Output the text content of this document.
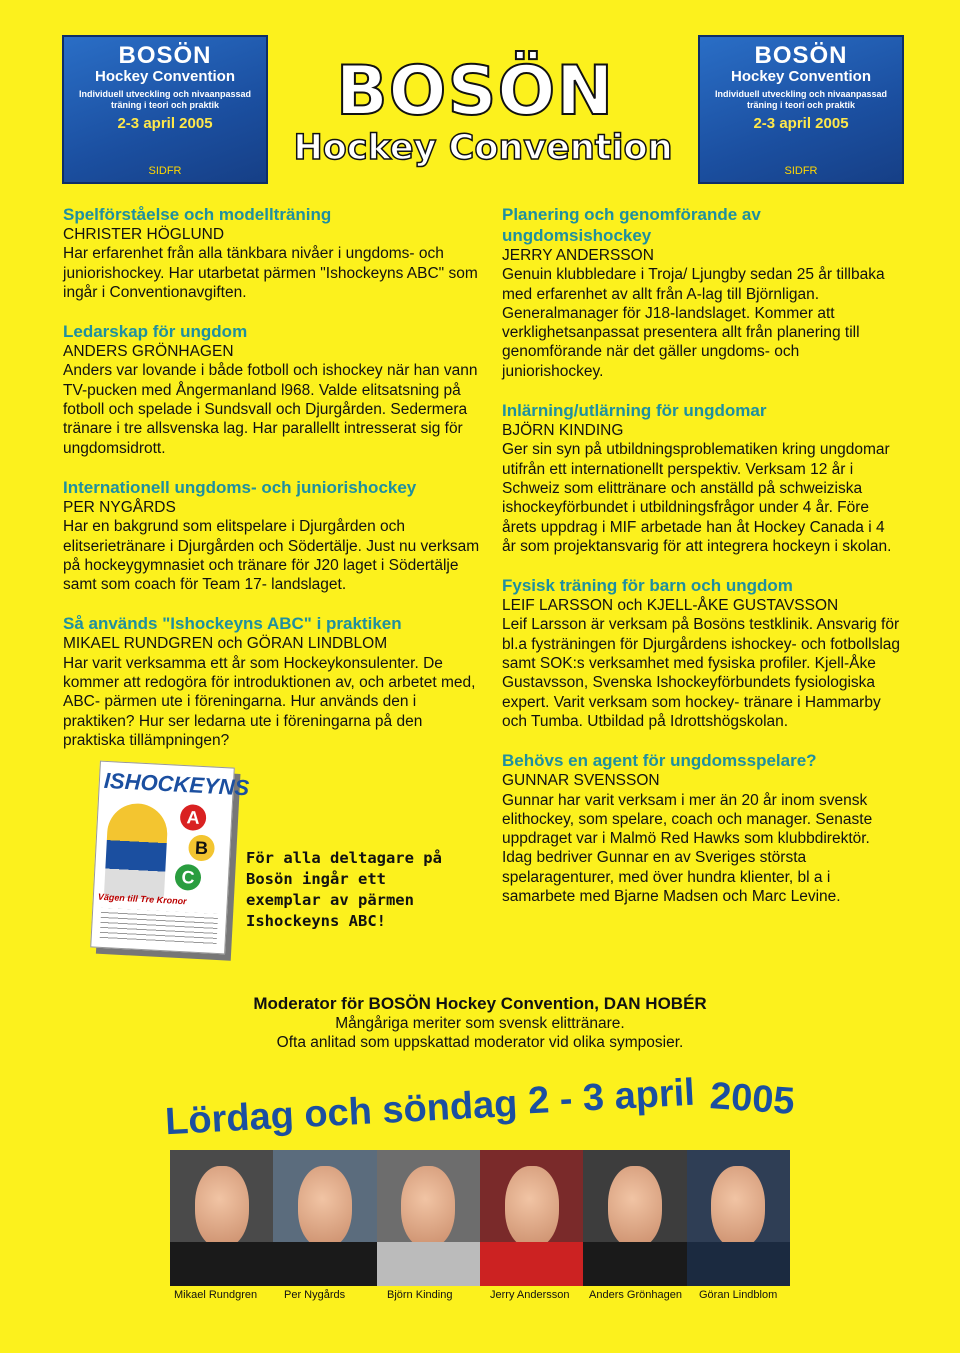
BOSÖN
Hockey Convention
Individuell utveckling och nivaanpassad träning i teori och praktik
2-3 april 2005
SIDFR
BOSÖN
Hockey Convention
Individuell utveckling och nivaanpassad träning i teori och praktik
2-3 april 2005
SIDFR
BOSÖN
Hockey Convention
Spelförståelse och modellträning
CHRISTER HÖGLUND
Har erfarenhet från alla tänkbara nivåer i ungdoms- och juniorishockey. Har utarbetat pärmen "Ishockeyns ABC" som ingår i Conventionavgiften.
Ledarskap för ungdom
ANDERS GRÖNHAGEN
Anders var lovande i både fotboll och ishockey när han vann TV-pucken med Ångermanland l968. Valde elitsatsning på fotboll och spelade i Sundsvall och Djurgården. Sedermera tränare i tre allsvenska lag. Har parallellt intresserat sig för ungdomsidrott.
Internationell ungdoms- och juniorishockey
PER NYGÅRDS
Har en bakgrund som elitspelare i Djurgården och elitserietränare i Djurgården och Södertälje. Just nu verksam på hockeygymnasiet och tränare för J20 laget i Södertälje samt som coach för Team 17- landslaget.
Så används "Ishockeyns ABC" i praktiken
MIKAEL RUNDGREN och GÖRAN LINDBLOM
Har varit verksamma ett år som Hockeykonsulenter. De kommer att redogöra för introduktionen av, och arbetet med, ABC- pärmen ute i föreningarna. Hur används den i praktiken? Hur ser ledarna ute i föreningarna på den praktiska tillämpningen?
Planering och genomförande av ungdomsishockey
JERRY ANDERSSON
Genuin klubbledare i Troja/ Ljungby sedan 25 år tillbaka med erfarenhet av allt från A-lag till Björnligan. Generalmanager för J18-landslaget. Kommer att verklighetsanpassat presentera allt från planering till genomförande när det gäller ungdoms- och juniorishockey.
Inlärning/utlärning för ungdomar
BJÖRN KINDING
Ger sin syn på utbildningsproblematiken kring ungdomar utifrån ett internationellt perspektiv. Verksam 12 år i Schweiz som elittränare och anställd på schweiziska ishockeyförbundet i utbildningsfrågor under 4 år. Före årets uppdrag i MIF arbetade han åt Hockey Canada i 4 år som projektansvarig för att integrera hockeyn i skolan.
Fysisk träning för barn och ungdom
LEIF LARSSON och KJELL-ÅKE GUSTAVSSON
Leif Larsson är verksam på Bosöns testklinik. Ansvarig för bl.a fysträningen för Djurgårdens ishockey- och fotbollslag samt SOK:s verksamhet med fysiska profiler. Kjell-Åke Gustavsson, Svenska Ishockeyförbundets fysiologiska expert. Varit verksam som hockey- tränare i Hammarby och Tumba. Utbildad på Idrottshögskolan.
Behövs en agent för ungdomsspelare?
GUNNAR SVENSSON
Gunnar har varit verksam i mer än 20 år inom svensk elithockey, som spelare, coach och manager. Senaste uppdraget var i Malmö Red Hawks som klubbdirektör. Idag bedriver Gunnar en av Sveriges största spelaragenturer, med över hundra klienter, bl a i samarbete med Bjarne Madsen och Marc Levine.
ISHOCKEYNS
A
B
C
Vägen till Tre Kronor
För alla deltagare på Bosön ingår ett exemplar av pärmen Ishockeyns ABC!
Moderator för BOSÖN Hockey Convention, DAN HOBÉR
Mångåriga meriter som svensk elittränare.
Ofta anlitad som uppskattad moderator vid olika symposier.
Lördag och söndag 2 - 3 april 2005
Mikael Rundgren Per Nygårds	Björn Kinding	Jerry Andersson Anders Grönhagen Göran Lindblom
